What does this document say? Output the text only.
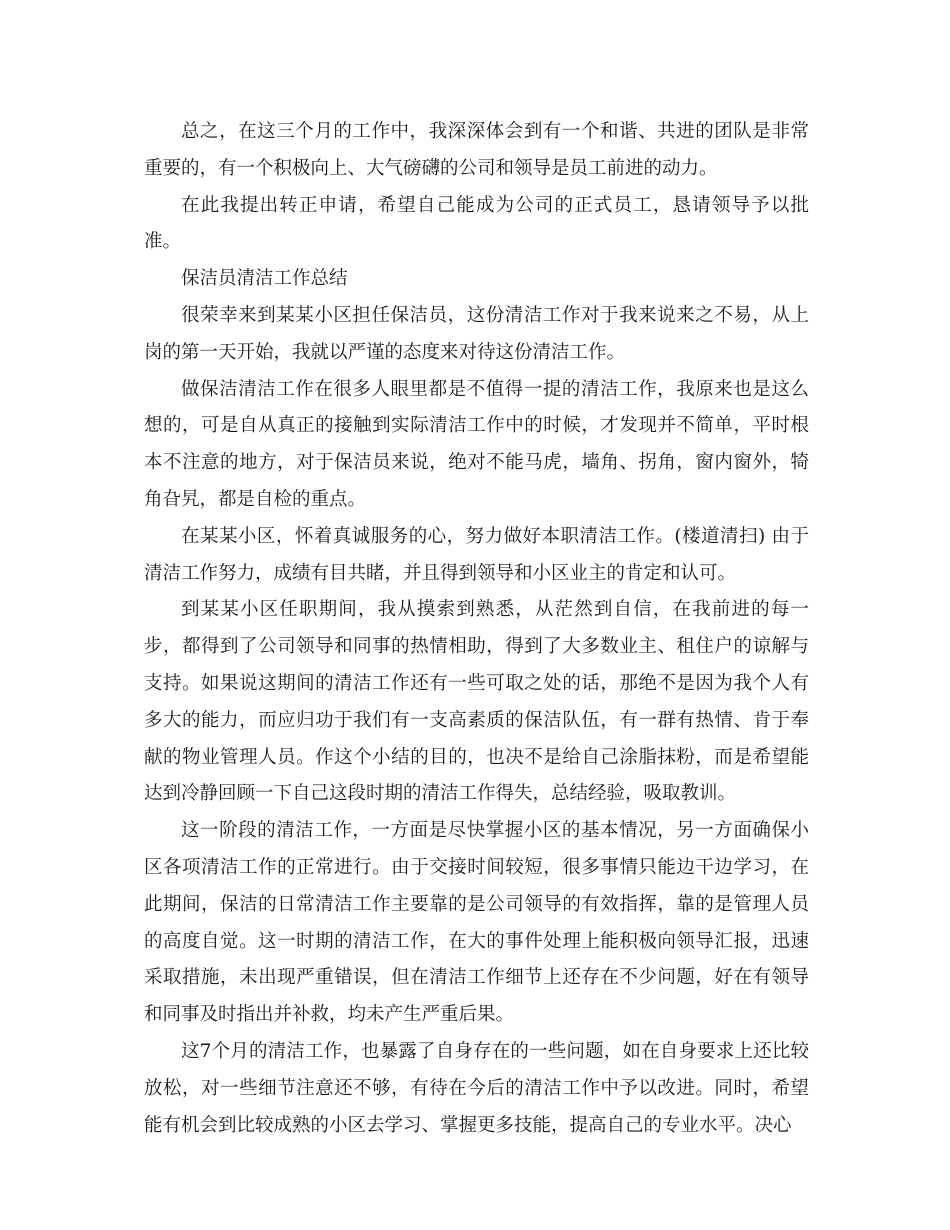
总之，在这三个月的工作中，我深深体会到有一个和谐、共进的团队是非常重要的，有一个积极向上、大气磅礴的公司和领导是员工前进的动力。

在此我提出转正申请，希望自己能成为公司的正式员工，恳请领导予以批准。

保洁员清洁工作总结

很荣幸来到某某小区担任保洁员，这份清洁工作对于我来说来之不易，从上岗的第一天开始，我就以严谨的态度来对待这份清洁工作。

做保洁清洁工作在很多人眼里都是不值得一提的清洁工作，我原来也是这么想的，可是自从真正的接触到实际清洁工作中的时候，才发现并不简单，平时根本不注意的地方，对于保洁员来说，绝对不能马虎，墙角、拐角，窗内窗外，犄角旮旯，都是自检的重点。

在某某小区，怀着真诚服务的心，努力做好本职清洁工作。(楼道清扫) 由于清洁工作努力，成绩有目共睹，并且得到领导和小区业主的肯定和认可。

到某某小区任职期间，我从摸索到熟悉，从茫然到自信，在我前进的每一步，都得到了公司领导和同事的热情相助，得到了大多数业主、租住户的谅解与支持。如果说这期间的清洁工作还有一些可取之处的话，那绝不是因为我个人有多大的能力，而应归功于我们有一支高素质的保洁队伍，有一群有热情、肯于奉献的物业管理人员。作这个小结的目的，也决不是给自己涂脂抹粉，而是希望能达到冷静回顾一下自己这段时期的清洁工作得失，总结经验，吸取教训。

这一阶段的清洁工作，一方面是尽快掌握小区的基本情况，另一方面确保小区各项清洁工作的正常进行。由于交接时间较短，很多事情只能边干边学习，在此期间，保洁的日常清洁工作主要靠的是公司领导的有效指挥，靠的是管理人员的高度自觉。这一时期的清洁工作，在大的事件处理上能积极向领导汇报，迅速采取措施，未出现严重错误，但在清洁工作细节上还存在不少问题，好在有领导和同事及时指出并补救，均未产生严重后果。

这7个月的清洁工作，也暴露了自身存在的一些问题，如在自身要求上还比较放松，对一些细节注意还不够，有待在今后的清洁工作中予以改进。同时，希望能有机会到比较成熟的小区去学习、掌握更多技能，提高自己的专业水平。决心
